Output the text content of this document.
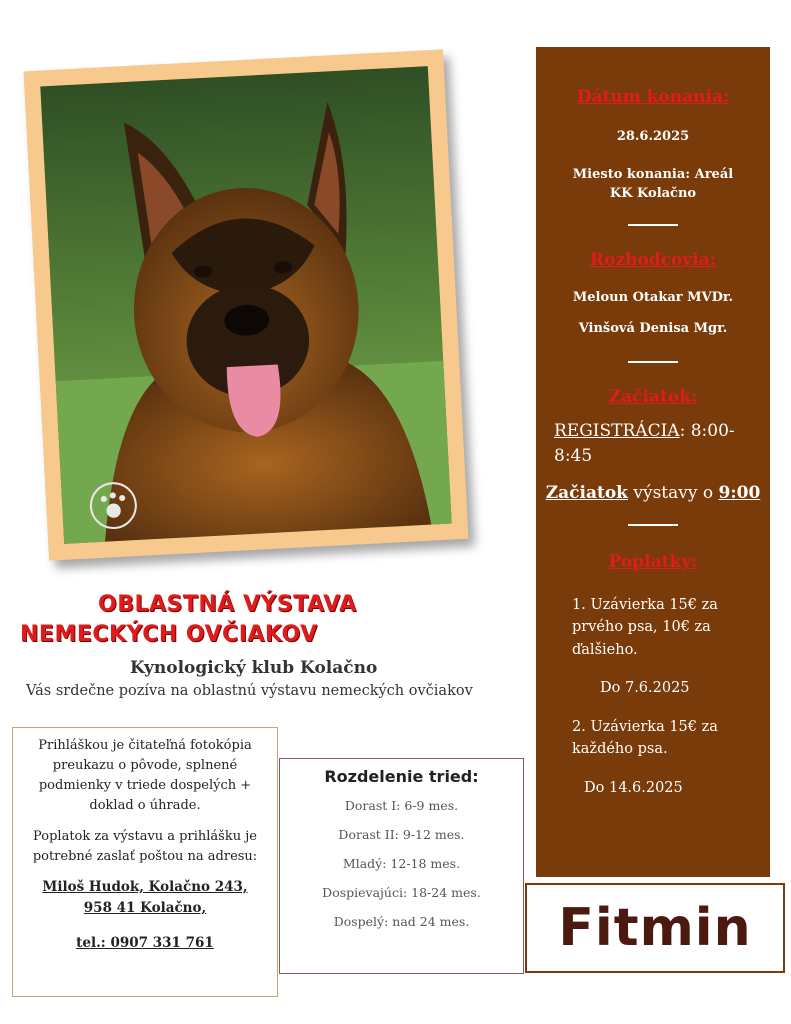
OBLASTNÁ VÝSTAVA
NEMECKÝCH OVČIAKOV
Kynologický klub Kolačno
Vás srdečne pozíva na oblastnú výstavu nemeckých ovčiakov

Prihláškou je čitateľná fotokópia preukazu o pôvode, splnené podmienky v triede dospelých + doklad o úhrade.

Poplatok za výstavu a prihlášku je potrebné zaslať poštou na adresu:

Miloš Hudok, Kolačno 243,
958 41 Kolačno,
tel.: 0907 331 761
Rozdelenie tried:
Dorast I: 6-9 mes.
Dorast II: 9-12 mes.
Mladý: 12-18 mes.
Dospievajúci: 18-24 mes.
Dospelý: nad 24 mes.

Dátum konania:

28.6.2025

Miesto konania: Areál KK Kolačno

Rozhodcovia:

Meloun Otakar MVDr.

Vinšová Denisa Mgr.

Začiatok:

REGISTRÁCIA: 8:00-8:45
Začiatok výstavy o 9:00

Poplatky:

1. Uzávierka 15€ za prvého psa, 10€ za ďalšieho.
Do 7.6.2025
2. Uzávierka 15€ za každého psa.
Do 14.6.2025
Fitmin
